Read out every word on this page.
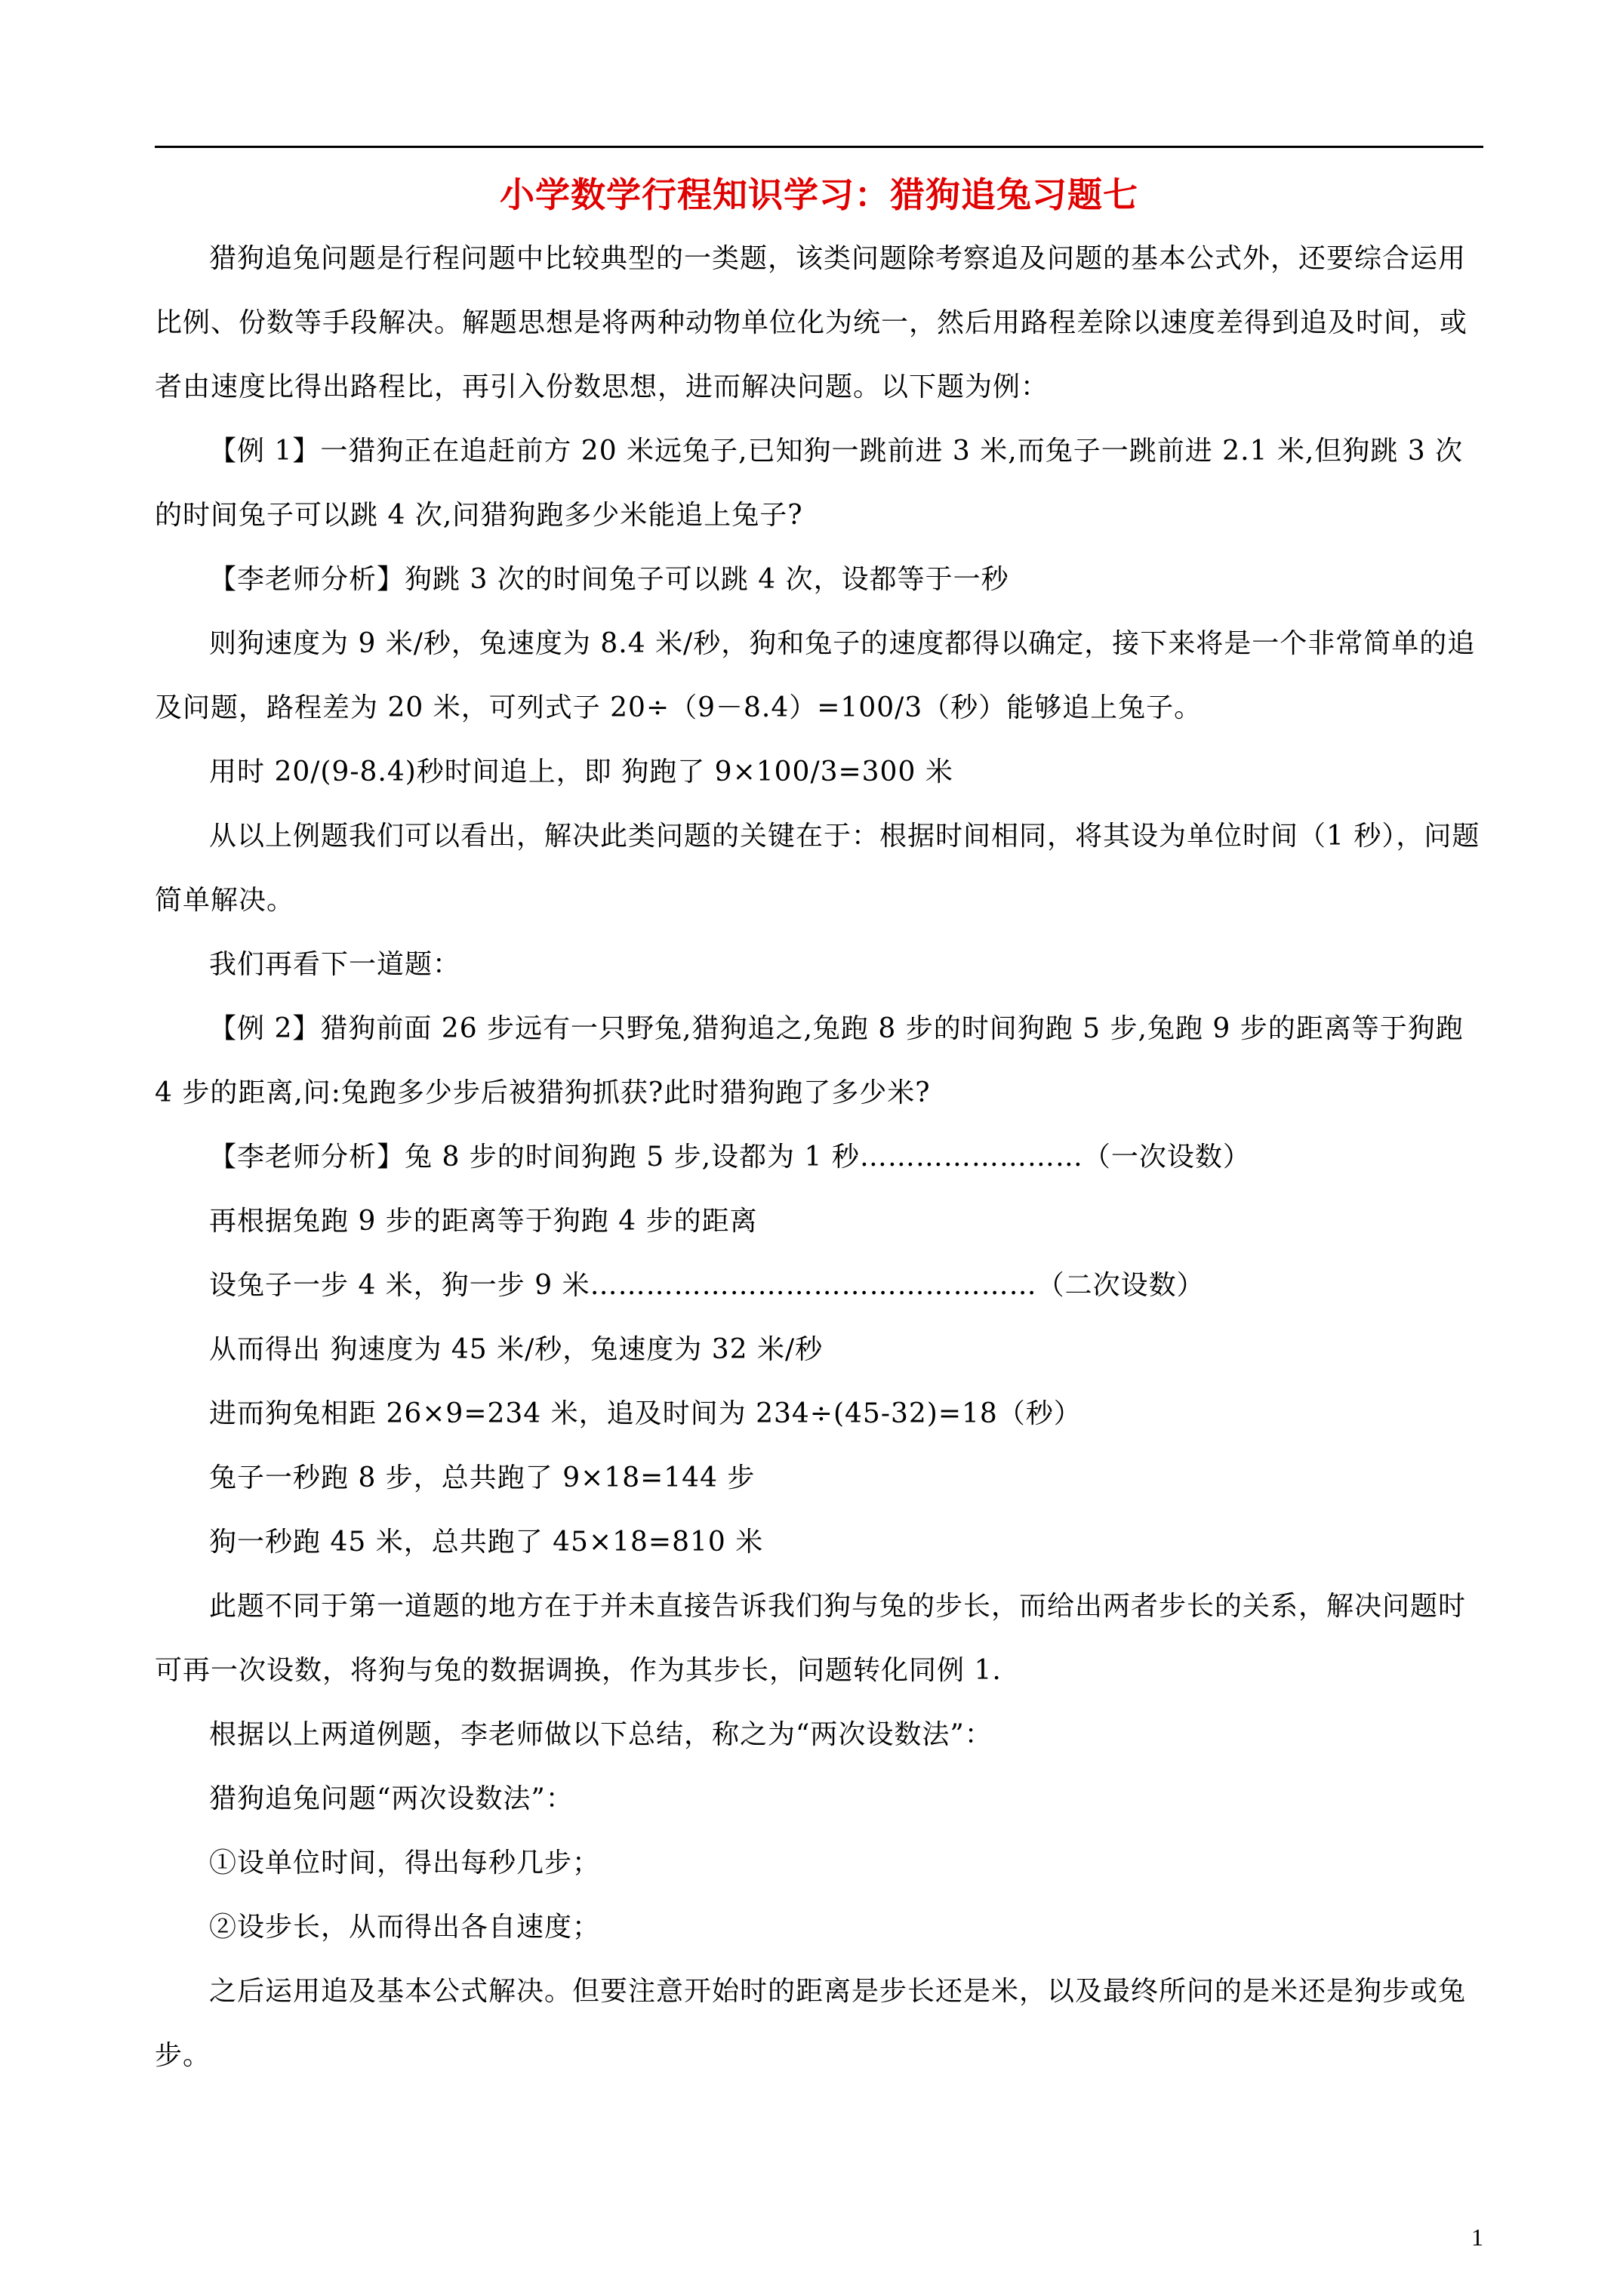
小学数学行程知识学习：猎狗追兔习题七

猎狗追兔问题是行程问题中比较典型的一类题，该类问题除考察追及问题的基本公式外，还要综合运用比例、份数等手段解决。解题思想是将两种动物单位化为统一，然后用路程差除以速度差得到追及时间，或者由速度比得出路程比，再引入份数思想，进而解决问题。以下题为例：

【例 1】一猎狗正在追赶前方 20 米远兔子,已知狗一跳前进 3 米,而兔子一跳前进 2.1 米,但狗跳 3 次的时间兔子可以跳 4 次,问猎狗跑多少米能追上兔子?

【李老师分析】狗跳 3 次的时间兔子可以跳 4 次，设都等于一秒

则狗速度为 9 米/秒，兔速度为 8.4 米/秒，狗和兔子的速度都得以确定，接下来将是一个非常简单的追及问题，路程差为 20 米，可列式子 20÷（9－8.4）=100/3（秒）能够追上兔子。

用时 20/(9-8.4)秒时间追上，即 狗跑了 9×100/3=300 米

从以上例题我们可以看出，解决此类问题的关键在于：根据时间相同，将其设为单位时间（1 秒），问题简单解决。

我们再看下一道题：

【例 2】猎狗前面 26 步远有一只野兔,猎狗追之,兔跑 8 步的时间狗跑 5 步,兔跑 9 步的距离等于狗跑 4 步的距离,问:兔跑多少步后被猎狗抓获?此时猎狗跑了多少米?

【李老师分析】兔 8 步的时间狗跑 5 步,设都为 1 秒……………………（一次设数）

再根据兔跑 9 步的距离等于狗跑 4 步的距离

设兔子一步 4 米，狗一步 9 米…………………………………………（二次设数）

从而得出 狗速度为 45 米/秒，兔速度为 32 米/秒

进而狗兔相距 26×9=234 米，追及时间为 234÷(45-32)=18（秒）

兔子一秒跑 8 步，总共跑了 9×18=144 步

狗一秒跑 45 米，总共跑了 45×18=810 米

此题不同于第一道题的地方在于并未直接告诉我们狗与兔的步长，而给出两者步长的关系，解决问题时可再一次设数，将狗与兔的数据调换，作为其步长，问题转化同例 1.

根据以上两道例题，李老师做以下总结，称之为“两次设数法”：

猎狗追兔问题“两次设数法”：

①设单位时间，得出每秒几步；

②设步长，从而得出各自速度；

之后运用追及基本公式解决。但要注意开始时的距离是步长还是米，以及最终所问的是米还是狗步或兔步。

1
